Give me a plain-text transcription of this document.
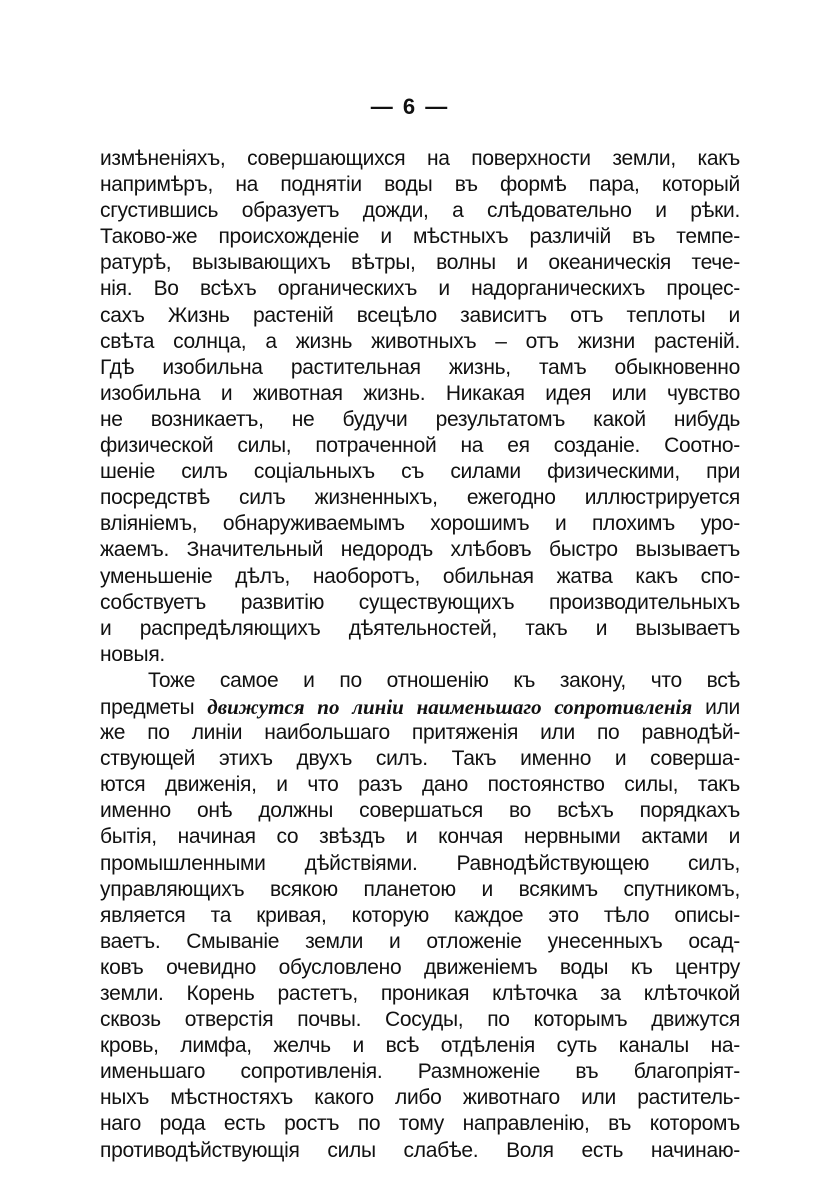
— 6 —
измѣненіяхъ, совершающихся на поверхности земли, какъ
напримѣръ, на поднятіи воды въ формѣ пара, который
сгустившись образуетъ дожди, а слѣдовательно и рѣки.
Таково-же происхожденіе и мѣстныхъ различій въ темпе-
ратурѣ, вызывающихъ вѣтры, волны и океаническія тече-
нія. Во всѣхъ органическихъ и надорганическихъ процес-
сахъ Жизнь растеній всецѣло зависитъ отъ теплоты и
свѣта солнца, а жизнь животныхъ – отъ жизни растеній.
Гдѣ изобильна растительная жизнь, тамъ обыкновенно
изобильна и животная жизнь. Никакая идея или чувство
не возникаетъ, не будучи результатомъ какой нибудь
физической силы, потраченной на ея созданіе. Соотно-
шеніе силъ соціальныхъ съ силами физическими, при
посредствѣ силъ жизненныхъ, ежегодно иллюстрируется
вліяніемъ, обнаруживаемымъ хорошимъ и плохимъ уро-
жаемъ. Значительный недородъ хлѣбовъ быстро вызываетъ
уменьшеніе дѣлъ, наоборотъ, обильная жатва какъ спо-
собствуетъ развитію существующихъ производительныхъ
и распредѣляющихъ дѣятельностей, такъ и вызываетъ
новыя.
Тоже самое и по отношенію къ закону, что всѣ
предметы движутся по линіи наименьшаго сопротивленія или
же по линіи наибольшаго притяженія или по равнодѣй-
ствующей этихъ двухъ силъ. Такъ именно и соверша-
ются движенія, и что разъ дано постоянство силы, такъ
именно онѣ должны совершаться во всѣхъ порядкахъ
бытія, начиная со звѣздъ и кончая нервными актами и
промышленными дѣйствіями. Равнодѣйствующею силъ,
управляющихъ всякою планетою и всякимъ спутникомъ,
является та кривая, которую каждое это тѣло описы-
ваетъ. Смываніе земли и отложеніе унесенныхъ осад-
ковъ очевидно обусловлено движеніемъ воды къ центру
земли. Корень растетъ, проникая клѣточка за клѣточкой
сквозь отверстія почвы. Сосуды, по которымъ движутся
кровь, лимфа, желчь и всѣ отдѣленія суть каналы на-
именьшаго сопротивленія. Размноженіе въ благопріят-
ныхъ мѣстностяхъ какого либо животнаго или раститель-
наго рода есть ростъ по тому направленію, въ которомъ
противодѣйствующія силы слабѣе. Воля есть начинаю-
